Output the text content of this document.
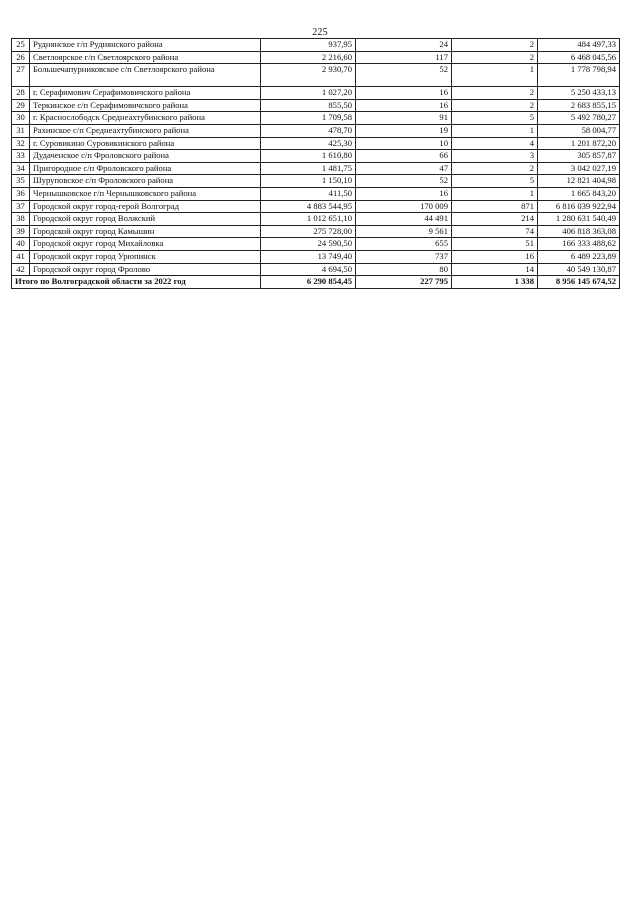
225
25	Руднянское г/п Руднянского района	937,95	24	2	484 497,33
26	Светлоярское г/п Светлоярского района	2 216,60	117	2	6 468 045,56
27	Большечапурниковское с/п Светлоярского района	2 930,70	52	1	1 778 798,94
28	г. Серафимович Серафимовичского района	1 027,20	16	2	5 250 433,13
29	Теркинское с/п Серафимовичского района	855,50	16	2	2 683 855,15
30	г. Краснослободск Среднеахтубинского района	1 709,58	91	5	5 492 780,27
31	Рахинское с/п Среднеахтубинского района	478,70	19	1	58 004,77
32	г. Суровикино Суровикинского района	425,30	10	4	1 201 872,20
33	Дудаченское с/п Фроловского района	1 610,80	66	3	305 857,87
34	Пригородное с/п Фроловского района	1 481,75	47	2	3 042 027,19
35	Шуруповское с/п Фроловского района	1 150,10	52	5	12 821 404,98
36	Чернышковское г/п Чернышковского района	411,50	16	1	1 665 843,20
37	Городской округ город-герой Волгоград	4 883 544,95	170 009	871	6 816 039 922,94
38	Городской округ город Волжский	1 012 651,10	44 491	214	1 280 631 540,49
39	Городской округ город Камышин	275 728,00	9 561	74	406 818 363,08
40	Городской округ город Михайловка	24 590,50	655	51	166 333 488,62
41	Городской округ город Урюпинск	13 749,40	737	16	6 489 223,89
42	Городской округ город Фролово	4 694,50	80	14	40 549 130,87
Итого по Волгоградской области за 2022 год		6 290 854,45	227 795	1 338	8 956 145 674,52
